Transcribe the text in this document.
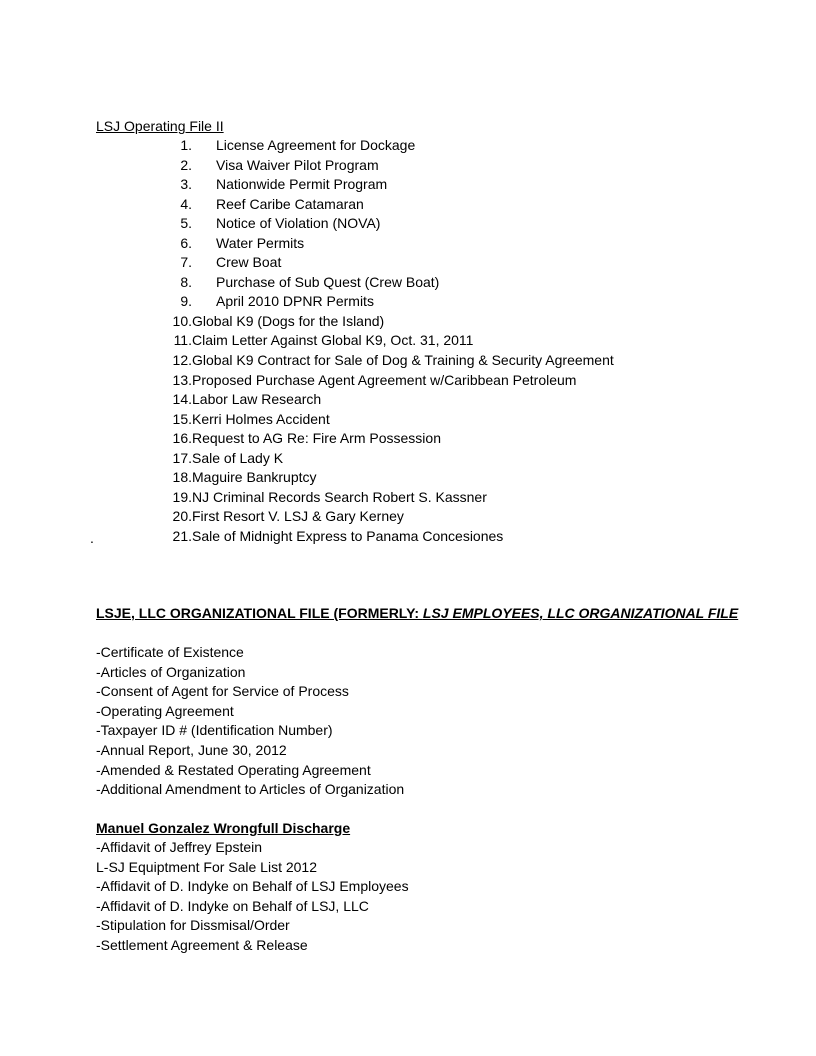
LSJ Operating File II
1. License Agreement for Dockage
2. Visa Waiver Pilot Program
3. Nationwide Permit Program
4. Reef Caribe Catamaran
5. Notice of Violation (NOVA)
6. Water Permits
7. Crew Boat
8. Purchase of Sub Quest (Crew Boat)
9. April 2010 DPNR Permits
10. Global K9 (Dogs for the Island)
11. Claim Letter Against Global K9, Oct. 31, 2011
12. Global K9 Contract for Sale of Dog & Training & Security Agreement
13. Proposed Purchase Agent Agreement w/Caribbean Petroleum
14. Labor Law Research
15. Kerri Holmes Accident
16. Request to AG Re: Fire Arm Possession
17. Sale of Lady K
18. Maguire Bankruptcy
19. NJ Criminal Records Search Robert S. Kassner
20. First Resort V. LSJ & Gary Kerney
21. Sale of Midnight Express to Panama Concesiones
.
LSJE, LLC ORGANIZATIONAL FILE (FORMERLY: LSJ EMPLOYEES, LLC ORGANIZATIONAL FILE
-Certificate of Existence
-Articles of Organization
-Consent of Agent for Service of Process
-Operating Agreement
-Taxpayer ID # (Identification Number)
-Annual Report, June 30, 2012
-Amended & Restated Operating Agreement
-Additional Amendment to Articles of Organization
Manuel Gonzalez Wrongfull Discharge
-Affidavit of Jeffrey Epstein
L-SJ Equiptment For Sale List 2012
-Affidavit of D. Indyke on Behalf of LSJ Employees
-Affidavit of D. Indyke on Behalf of LSJ, LLC
-Stipulation for Dissmisal/Order
-Settlement Agreement & Release
